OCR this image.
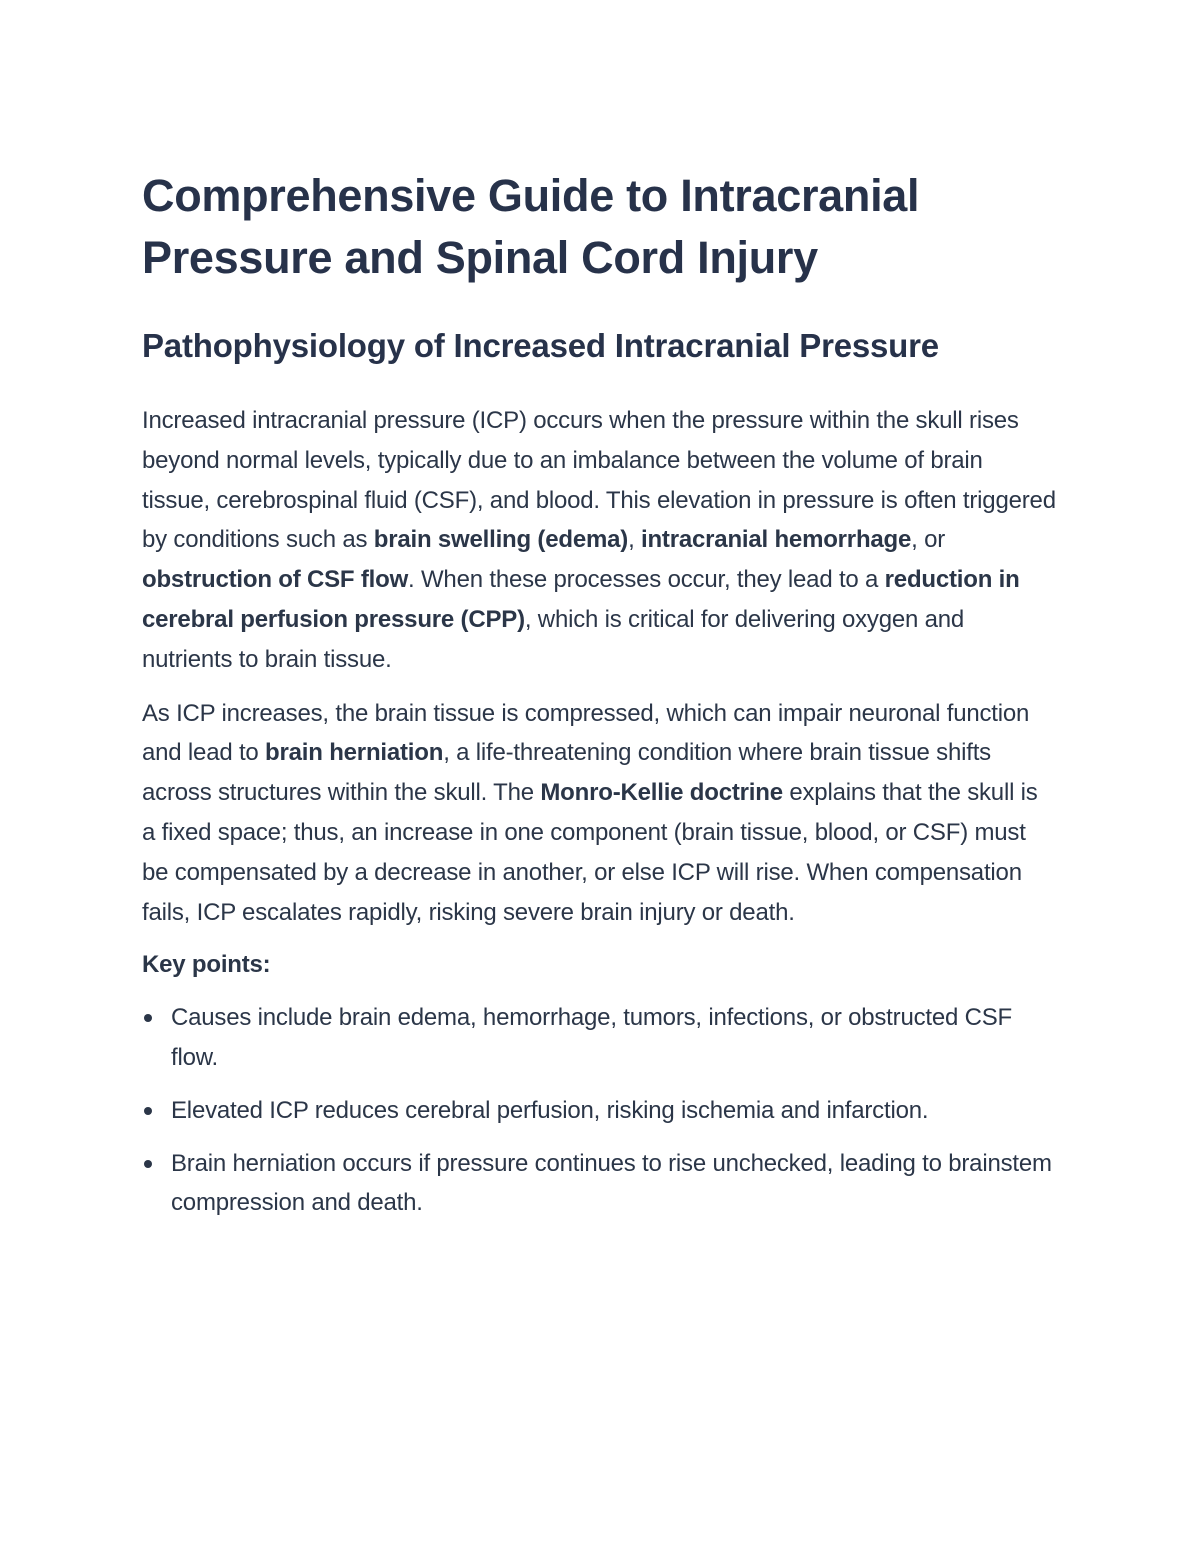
Comprehensive Guide to Intracranial Pressure and Spinal Cord Injury
Pathophysiology of Increased Intracranial Pressure

Increased intracranial pressure (ICP) occurs when the pressure within the skull rises beyond normal levels, typically due to an imbalance between the volume of brain tissue, cerebrospinal fluid (CSF), and blood. This elevation in pressure is often triggered by conditions such as brain swelling (edema), intracranial hemorrhage, or obstruction of CSF flow. When these processes occur, they lead to a reduction in cerebral perfusion pressure (CPP), which is critical for delivering oxygen and nutrients to brain tissue.

As ICP increases, the brain tissue is compressed, which can impair neuronal function and lead to brain herniation, a life-threatening condition where brain tissue shifts across structures within the skull. The Monro-Kellie doctrine explains that the skull is a fixed space; thus, an increase in one component (brain tissue, blood, or CSF) must be compensated by a decrease in another, or else ICP will rise. When compensation fails, ICP escalates rapidly, risking severe brain injury or death.

Key points:

Causes include brain edema, hemorrhage, tumors, infections, or obstructed CSF flow.
Elevated ICP reduces cerebral perfusion, risking ischemia and infarction.
Brain herniation occurs if pressure continues to rise unchecked, leading to brainstem compression and death.
